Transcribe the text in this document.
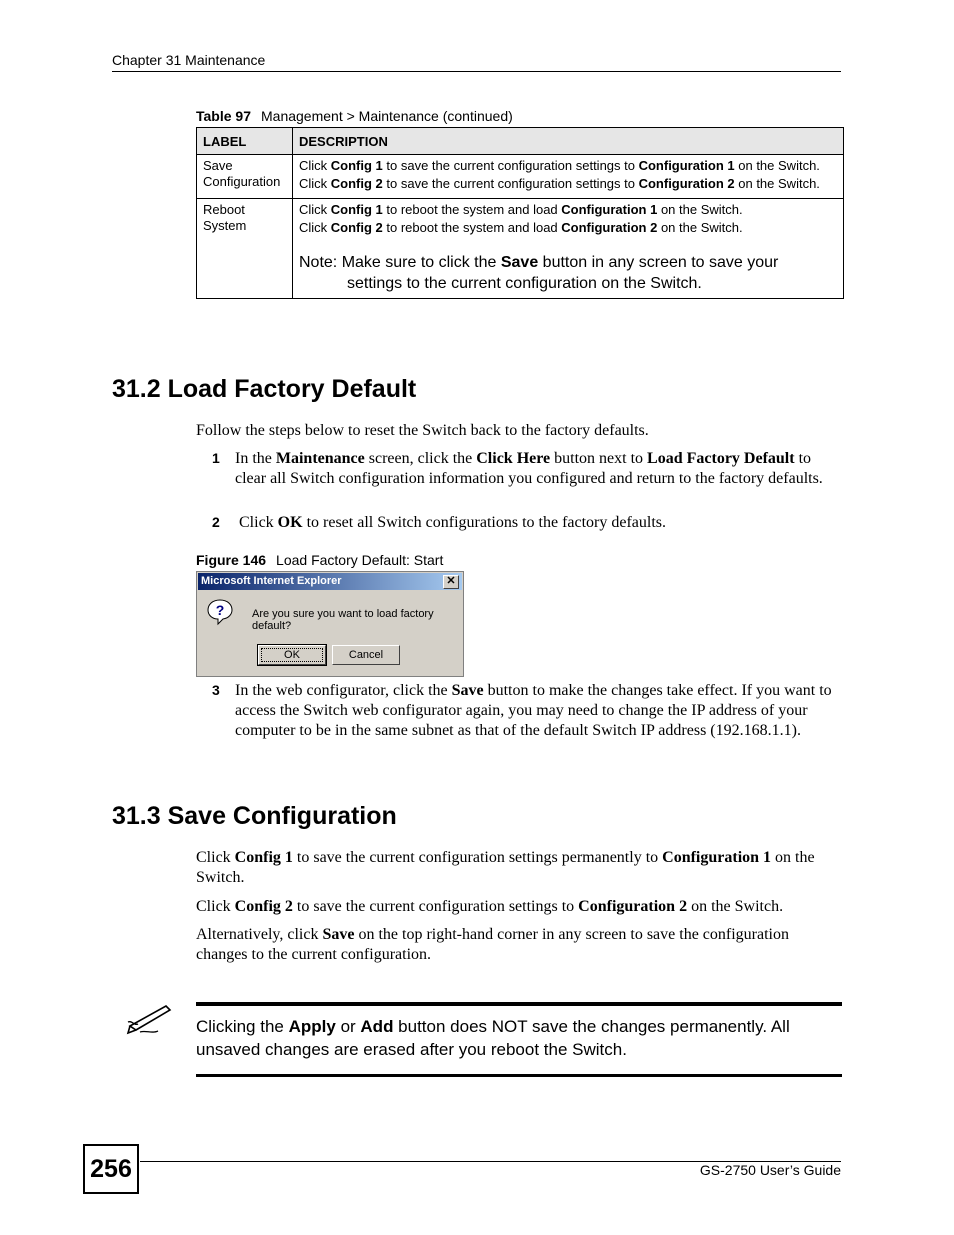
Chapter 31 Maintenance
Table 97 Management > Maintenance (continued)
LABEL	DESCRIPTION
Save Configuration	Click Config 1 to save the current configuration settings to Configuration 1 on the Switch.
Click Config 2 to save the current configuration settings to Configuration 2 on the Switch.

Reboot System	Click Config 1 to reboot the system and load Configuration 1 on the Switch.
Click Config 2 to reboot the system and load Configuration 2 on the Switch.
Note: Make sure to click the Save button in any screen to save your settings to the current configuration on the Switch.
31.2 Load Factory Default
Follow the steps below to reset the Switch back to the factory defaults.
1 In the Maintenance screen, click the Click Here button next to Load Factory Default to clear all Switch configuration information you configured and return to the factory defaults.
2 Click OK to reset all Switch configurations to the factory defaults.
Figure 146 Load Factory Default: Start
Microsoft Internet Explorer	✕
?	Are you sure you want to load factory default?
OK	Cancel
3 In the web configurator, click the Save button to make the changes take effect. If you want to access the Switch web configurator again, you may need to change the IP address of your computer to be in the same subnet as that of the default Switch IP address (192.168.1.1).
31.3 Save Configuration
Click Config 1 to save the current configuration settings permanently to Configuration 1 on the Switch.
Click Config 2 to save the current configuration settings to Configuration 2 on the Switch.
Alternatively, click Save on the top right-hand corner in any screen to save the configuration changes to the current configuration.
Clicking the Apply or Add button does NOT save the changes permanently. All unsaved changes are erased after you reboot the Switch.
256	GS-2750 User’s Guide
